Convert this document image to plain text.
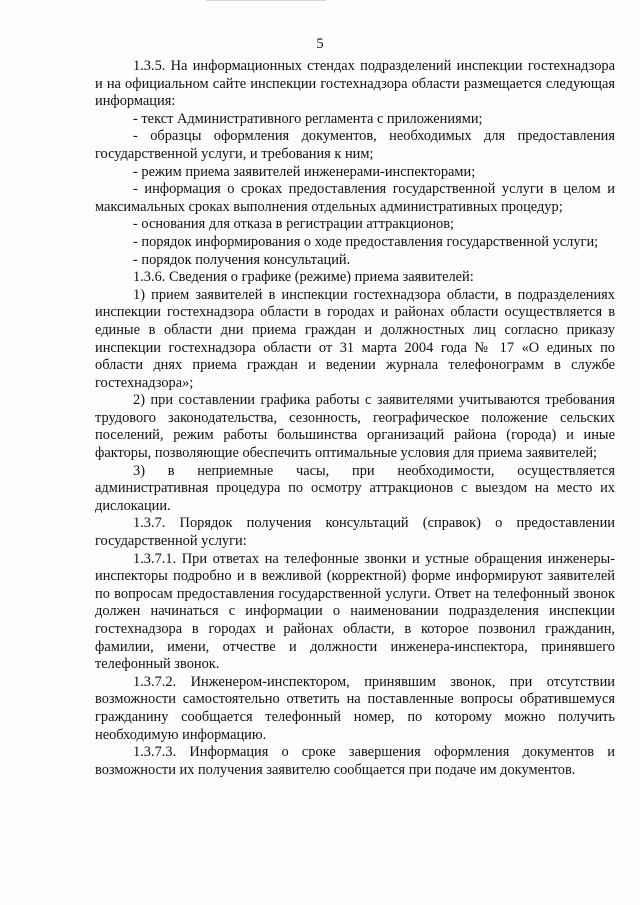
5

1.3.5. На информационных стендах подразделений инспекции гостехнадзора и на официальном сайте инспекции гостехнадзора области размещается следующая информация:

- текст Административного регламента с приложениями;

- образцы оформления документов, необходимых для предоставления государственной услуги, и требования к ним;

- режим приема заявителей инженерами-инспекторами;

- информация о сроках предоставления государственной услуги в целом и максимальных сроках выполнения отдельных административных процедур;

- основания для отказа в регистрации аттракционов;

- порядок информирования о ходе предоставления государственной услуги;

- порядок получения консультаций.

1.3.6. Сведения о графике (режиме) приема заявителей:

1) прием заявителей в инспекции гостехнадзора области, в подразделениях инспекции гостехнадзора области в городах и районах области осуществляется в единые в области дни приема граждан и должностных лиц согласно приказу инспекции гостехнадзора области от 31 марта 2004 года № 17 «О единых по области днях приема граждан и ведении журнала телефонограмм в службе гостехнадзора»;

2) при составлении графика работы с заявителями учитываются требования трудового законодательства, сезонность, географическое положение сельских поселений, режим работы большинства организаций района (города) и иные факторы, позволяющие обеспечить оптимальные условия для приема заявителей;

3) в неприемные часы, при необходимости, осуществляется административная процедура по осмотру аттракционов с выездом на место их дислокации.

1.3.7. Порядок получения консультаций (справок) о предоставлении государственной услуги:

1.3.7.1. При ответах на телефонные звонки и устные обращения инженеры-инспекторы подробно и в вежливой (корректной) форме информируют заявителей по вопросам предоставления государственной услуги. Ответ на телефонный звонок должен начинаться с информации о наименовании подразделения инспекции гостехнадзора в городах и районах области, в которое позвонил гражданин, фамилии, имени, отчестве и должности инженера-инспектора, принявшего телефонный звонок.

1.3.7.2. Инженером-инспектором, принявшим звонок, при отсутствии возможности самостоятельно ответить на поставленные вопросы обратившемуся гражданину сообщается телефонный номер, по которому можно получить необходимую информацию.

1.3.7.3. Информация о сроке завершения оформления документов и возможности их получения заявителю сообщается при подаче им документов.
